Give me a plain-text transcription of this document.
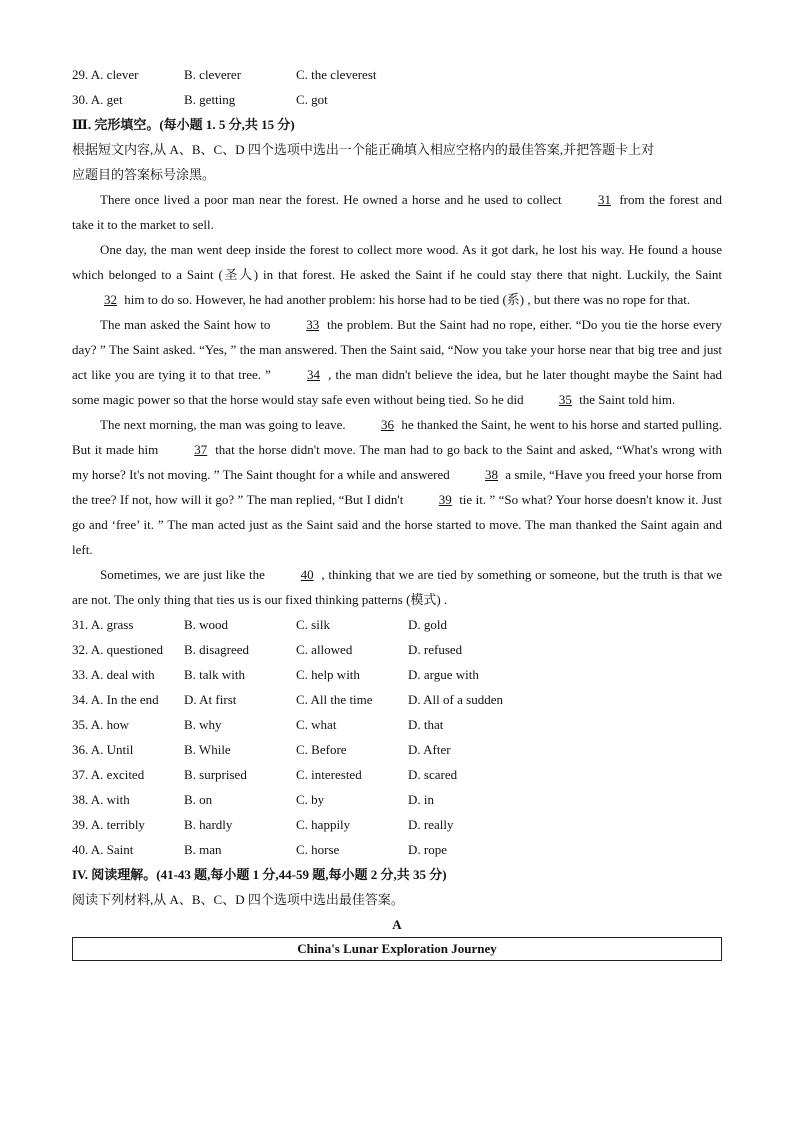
29. A. clever	B. cleverer	C. the cleverest
30. A. get	B. getting	C. got
Ⅲ. 完形填空。(每小题 1. 5 分,共 15 分)
根据短文内容,从 A、B、C、D 四个选项中选出一个能正确填入相应空格内的最佳答案,并把答题卡上对
应题目的答案标号涂黑。
There once lived a poor man near the forest. He owned a horse and he used to collect 31 from the forest and take it to the market to sell.
One day, the man went deep inside the forest to collect more wood. As it got dark, he lost his way. He found a house which belonged to a Saint (圣人) in that forest. He asked the Saint if he could stay there that night. Luckily, the Saint 32 him to do so. However, he had another problem: his horse had to be tied (系) , but there was no rope for that.
The man asked the Saint how to 33 the problem. But the Saint had no rope, either. “Do you tie the horse every day? ” The Saint asked. “Yes, ” the man answered. Then the Saint said, “Now you take your horse near that big tree and just act like you are tying it to that tree. ” 34 , the man didn't believe the idea, but he later thought maybe the Saint had some magic power so that the horse would stay safe even without being tied. So he did 35 the Saint told him.
The next morning, the man was going to leave. 36 he thanked the Saint, he went to his horse and started pulling. But it made him 37 that the horse didn't move. The man had to go back to the Saint and asked, “What's wrong with my horse? It's not moving. ” The Saint thought for a while and answered 38 a smile, “Have you freed your horse from the tree? If not, how will it go? ” The man replied, “But I didn't 39 tie it. ” “So what? Your horse doesn't know it. Just go and ‘free’ it. ” The man acted just as the Saint said and the horse started to move. The man thanked the Saint again and left.
Sometimes, we are just like the 40 , thinking that we are tied by something or someone, but the truth is that we are not. The only thing that ties us is our fixed thinking patterns (模式) .
31. A. grass	B. wood	C. silk	D. gold
32. A. questioned	B. disagreed	C. allowed	D. refused
33. A. deal with	B. talk with	C. help with	D. argue with
34. A. In the end	D. At first	C. All the time	D. All of a sudden
35. A. how	B. why	C. what	D. that
36. A. Until	B. While	C. Before	D. After
37. A. excited	B. surprised	C. interested	D. scared
38. A. with	B. on	C. by	D. in
39. A. terribly	B. hardly	C. happily	D. really
40. A. Saint	B. man	C. horse	D. rope
IV. 阅读理解。(41-43 题,每小题 1 分,44-59 题,每小题 2 分,共 35 分)
阅读下列材料,从 A、B、C、D 四个选项中选出最佳答案。
A
China's Lunar Exploration Journey
